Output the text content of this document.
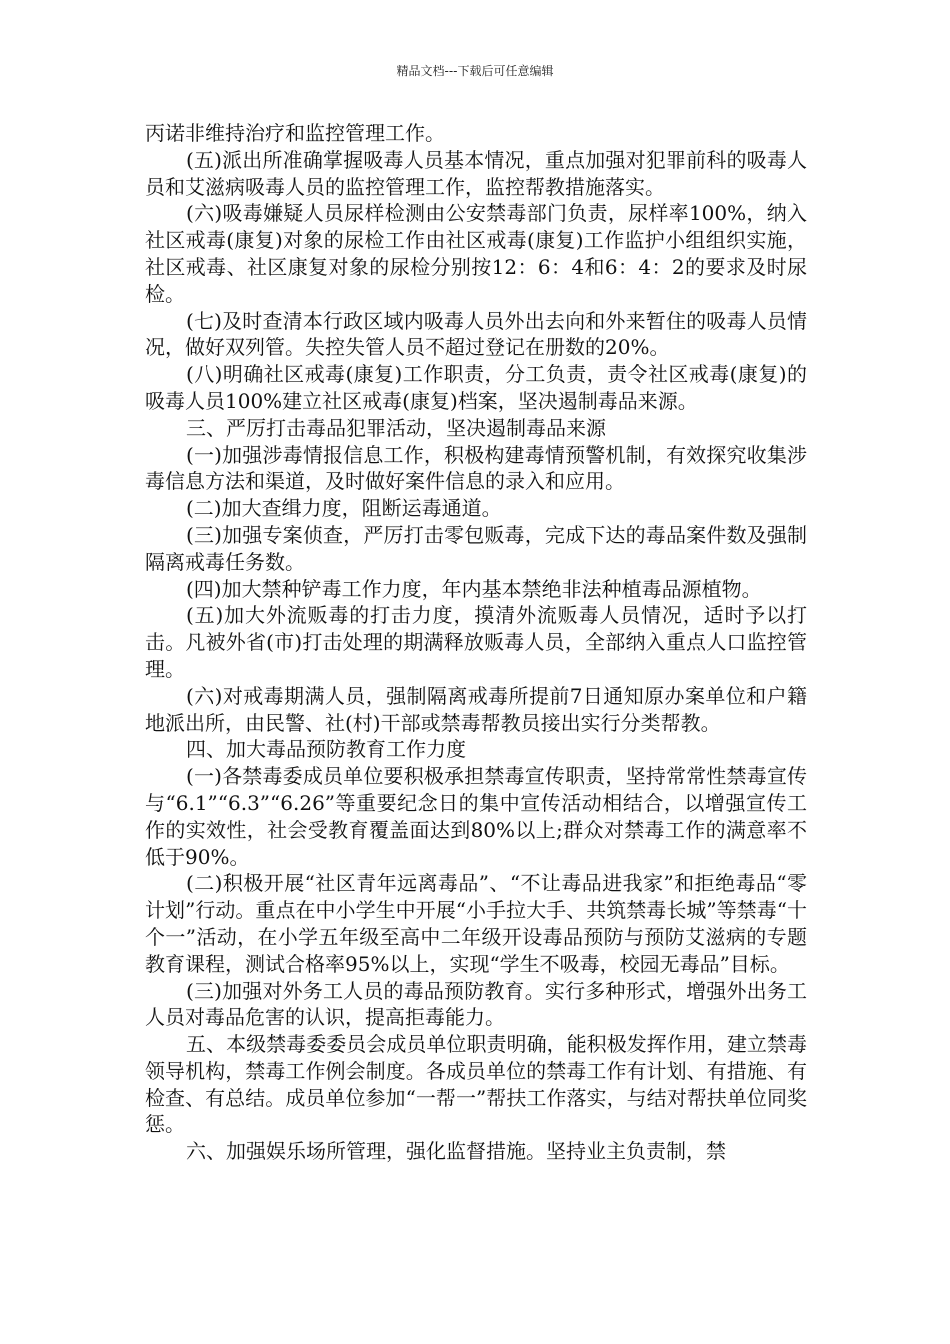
精品文档---下载后可任意编辑

丙诺非维持治疗和监控管理工作。

(五)派出所准确掌握吸毒人员基本情况，重点加强对犯罪前科的吸毒人员和艾滋病吸毒人员的监控管理工作，监控帮教措施落实。

(六)吸毒嫌疑人员尿样检测由公安禁毒部门负责，尿样率100%，纳入社区戒毒(康复)对象的尿检工作由社区戒毒(康复)工作监护小组组织实施，社区戒毒、社区康复对象的尿检分别按12：6：4和6：4：2的要求及时尿检。

(七)及时查清本行政区域内吸毒人员外出去向和外来暂住的吸毒人员情况，做好双列管。失控失管人员不超过登记在册数的20%。

(八)明确社区戒毒(康复)工作职责，分工负责，责令社区戒毒(康复)的吸毒人员100%建立社区戒毒(康复)档案，坚决遏制毒品来源。

三、严厉打击毒品犯罪活动，坚决遏制毒品来源

(一)加强涉毒情报信息工作，积极构建毒情预警机制，有效探究收集涉毒信息方法和渠道，及时做好案件信息的录入和应用。

(二)加大查缉力度，阻断运毒通道。

(三)加强专案侦查，严厉打击零包贩毒，完成下达的毒品案件数及强制隔离戒毒任务数。

(四)加大禁种铲毒工作力度，年内基本禁绝非法种植毒品源植物。

(五)加大外流贩毒的打击力度，摸清外流贩毒人员情况，适时予以打击。凡被外省(市)打击处理的期满释放贩毒人员，全部纳入重点人口监控管理。

(六)对戒毒期满人员，强制隔离戒毒所提前7日通知原办案单位和户籍地派出所，由民警、社(村)干部或禁毒帮教员接出实行分类帮教。

四、加大毒品预防教育工作力度

(一)各禁毒委成员单位要积极承担禁毒宣传职责，坚持常常性禁毒宣传与“6.1”“6.3”“6.26”等重要纪念日的集中宣传活动相结合，以增强宣传工作的实效性，社会受教育覆盖面达到80%以上;群众对禁毒工作的满意率不低于90%。

(二)积极开展“社区青年远离毒品”、“不让毒品进我家”和拒绝毒品“零计划”行动。重点在中小学生中开展“小手拉大手、共筑禁毒长城”等禁毒“十个一”活动，在小学五年级至高中二年级开设毒品预防与预防艾滋病的专题教育课程，测试合格率95%以上，实现“学生不吸毒，校园无毒品”目标。

(三)加强对外务工人员的毒品预防教育。实行多种形式，增强外出务工人员对毒品危害的认识，提高拒毒能力。

五、本级禁毒委委员会成员单位职责明确，能积极发挥作用，建立禁毒领导机构，禁毒工作例会制度。各成员单位的禁毒工作有计划、有措施、有检查、有总结。成员单位参加“一帮一”帮扶工作落实，与结对帮扶单位同奖惩。

六、加强娱乐场所管理，强化监督措施。坚持业主负责制，禁
